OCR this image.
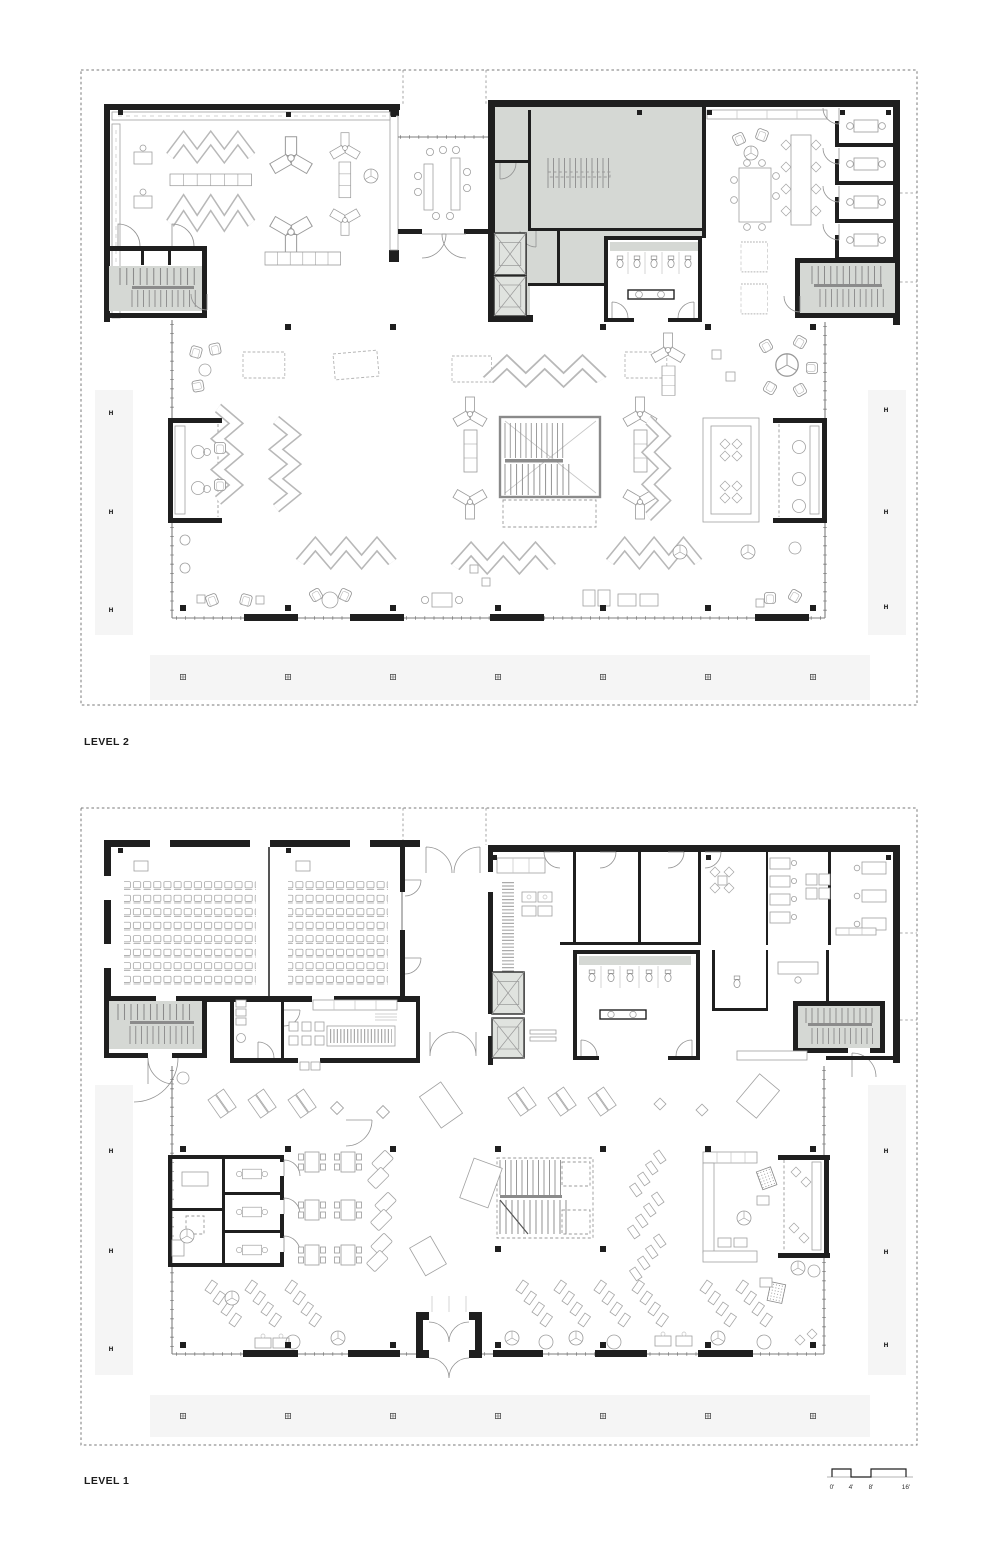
H
H
H
H
H
H
LEVEL 2
H
H
H
H
H
H
LEVEL 1
0' 4' 8'	16'
